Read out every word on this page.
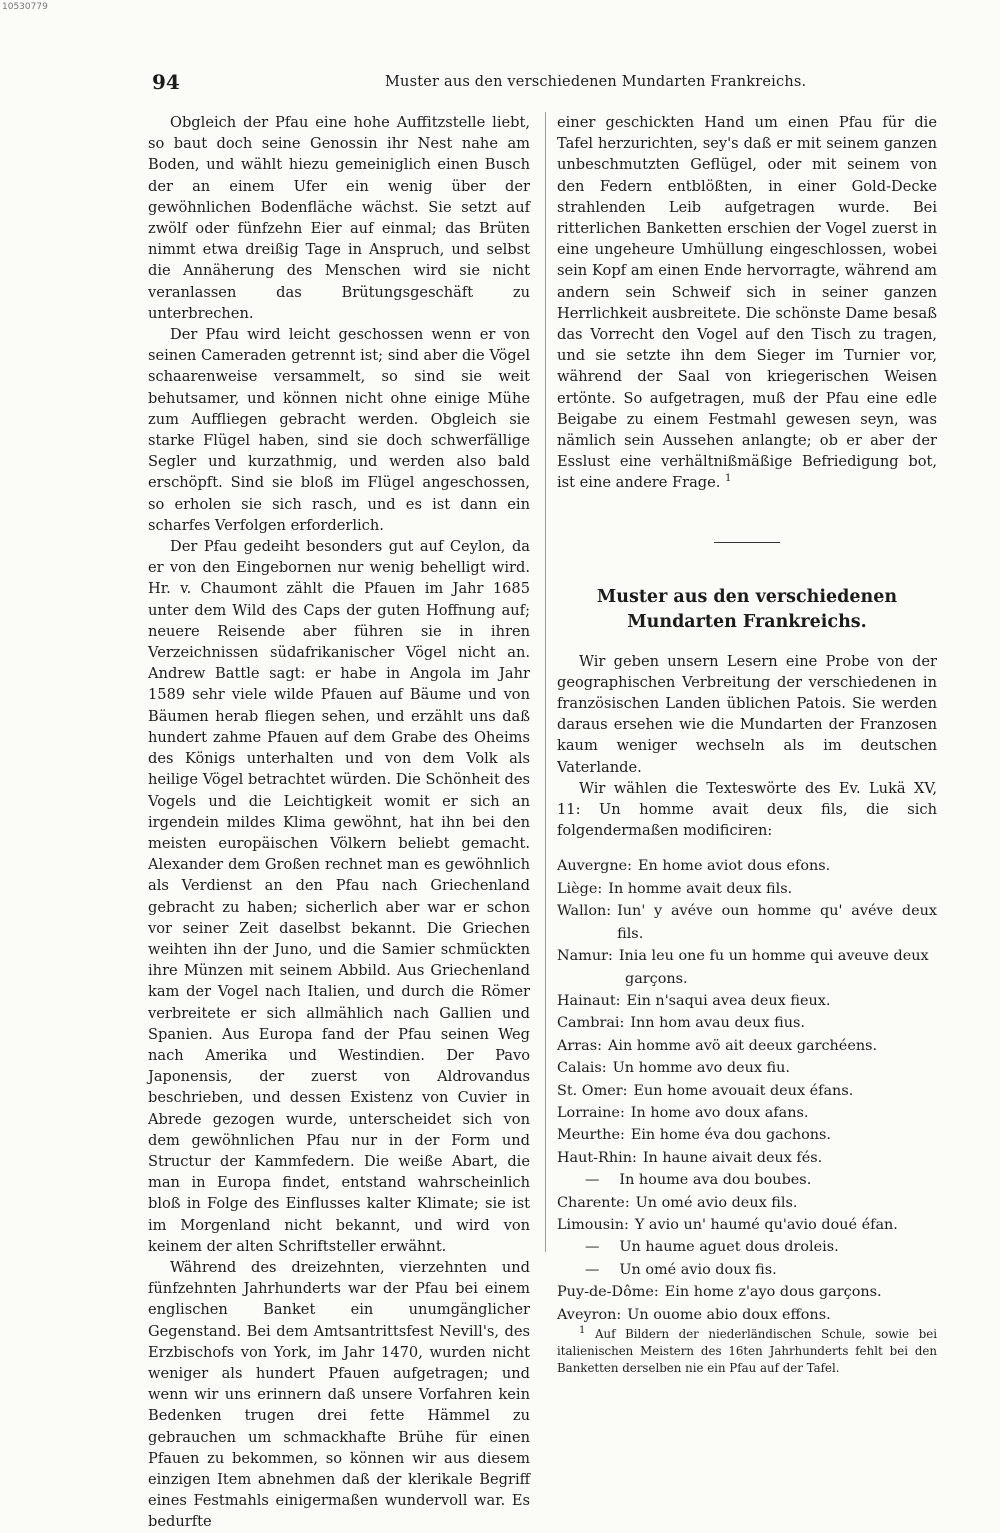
10530779
94	Muster aus den verschiedenen Mundarten Frankreichs.

Obgleich der Pfau eine hohe Auffitzstelle liebt, so baut doch seine Genossin ihr Nest nahe am Boden, und wählt hiezu gemeiniglich einen Busch der an einem Ufer ein wenig über der gewöhnlichen Bodenfläche wächst. Sie setzt auf zwölf oder fünfzehn Eier auf einmal; das Brüten nimmt etwa dreißig Tage in Anspruch, und selbst die Annäherung des Menschen wird sie nicht veranlassen das Brütungsgeschäft zu unterbrechen.

Der Pfau wird leicht geschossen wenn er von seinen Cameraden getrennt ist; sind aber die Vögel schaarenweise versammelt, so sind sie weit behutsamer, und können nicht ohne einige Mühe zum Auffliegen gebracht werden. Obgleich sie starke Flügel haben, sind sie doch schwerfällige Segler und kurzathmig, und werden also bald erschöpft. Sind sie bloß im Flügel angeschossen, so erholen sie sich rasch, und es ist dann ein scharfes Verfolgen erforderlich.

Der Pfau gedeiht besonders gut auf Ceylon, da er von den Eingebornen nur wenig behelligt wird. Hr. v. Chaumont zählt die Pfauen im Jahr 1685 unter dem Wild des Caps der guten Hoffnung auf; neuere Reisende aber führen sie in ihren Verzeichnissen südafrikanischer Vögel nicht an. Andrew Battle sagt: er habe in Angola im Jahr 1589 sehr viele wilde Pfauen auf Bäume und von Bäumen herab fliegen sehen, und erzählt uns daß hundert zahme Pfauen auf dem Grabe des Oheims des Königs unterhalten und von dem Volk als heilige Vögel betrachtet würden. Die Schönheit des Vogels und die Leichtigkeit womit er sich an irgendein mildes Klima gewöhnt, hat ihn bei den meisten europäischen Völkern beliebt gemacht. Alexander dem Großen rechnet man es gewöhnlich als Verdienst an den Pfau nach Griechenland gebracht zu haben; sicherlich aber war er schon vor seiner Zeit daselbst bekannt. Die Griechen weihten ihn der Juno, und die Samier schmückten ihre Münzen mit seinem Abbild. Aus Griechenland kam der Vogel nach Italien, und durch die Römer verbreitete er sich allmählich nach Gallien und Spanien. Aus Europa fand der Pfau seinen Weg nach Amerika und Westindien. Der Pavo Japonensis, der zuerst von Aldrovandus beschrieben, und dessen Existenz von Cuvier in Abrede gezogen wurde, unterscheidet sich von dem gewöhnlichen Pfau nur in der Form und Structur der Kammfedern. Die weiße Abart, die man in Europa findet, entstand wahrscheinlich bloß in Folge des Einflusses kalter Klimate; sie ist im Morgenland nicht bekannt, und wird von keinem der alten Schriftsteller erwähnt.

Während des dreizehnten, vierzehnten und fünfzehnten Jahrhunderts war der Pfau bei einem englischen Banket ein unumgänglicher Gegenstand. Bei dem Amtsantrittsfest Nevill's, des Erzbischofs von York, im Jahr 1470, wurden nicht weniger als hundert Pfauen aufgetragen; und wenn wir uns erinnern daß unsere Vorfahren kein Bedenken trugen drei fette Hämmel zu gebrauchen um schmackhafte Brühe für einen Pfauen zu bekommen, so können wir aus diesem einzigen Item abnehmen daß der klerikale Begriff eines Festmahls einigermaßen wundervoll war. Es bedurfte

einer geschickten Hand um einen Pfau für die Tafel herzurichten, sey's daß er mit seinem ganzen unbeschmutzten Geflügel, oder mit seinem von den Federn entblößten, in einer Gold-Decke strahlenden Leib aufgetragen wurde. Bei ritterlichen Banketten erschien der Vogel zuerst in eine ungeheure Umhüllung eingeschlossen, wobei sein Kopf am einen Ende hervorragte, während am andern sein Schweif sich in seiner ganzen Herrlichkeit ausbreitete. Die schönste Dame besaß das Vorrecht den Vogel auf den Tisch zu tragen, und sie setzte ihn dem Sieger im Turnier vor, während der Saal von kriegerischen Weisen ertönte. So aufgetragen, muß der Pfau eine edle Beigabe zu einem Festmahl gewesen seyn, was nämlich sein Aussehen anlangte; ob er aber der Esslust eine verhältnißmäßige Befriedigung bot, ist eine andere Frage. $^1$

Muster aus den verschiedenen Mundarten Frankreichs.

Wir geben unsern Lesern eine Probe von der geographischen Verbreitung der verschiedenen in französischen Landen üblichen Patois. Sie werden daraus ersehen wie die Mundarten der Franzosen kaum weniger wechseln als im deutschen Vaterlande.

Wir wählen die Texteswörte des Ev. Lukä XV, 11: Un homme avait deux fils, die sich folgendermaßen modificiren:

Auvergne: En home aviot dous efons.
Liège: In homme avait deux fils.
Wallon: Iun' y avéve oun homme qu' avéve deux fils.
Namur: Inia leu one fu un homme qui aveuve deux
garçons.
Hainaut: Ein n'saqui avea deux fieux.
Cambrai: Inn hom avau deux fius.
Arras: Ain homme avö ait deeux garchéens.
Calais: Un homme avo deux fiu.
St. Omer: Eun home avouait deux éfans.
Lorraine: In home avo doux afans.
Meurthe: Ein home éva dou gachons.
Haut-Rhin: In haune aivait deux fés.
—	In houme ava dou boubes.
Charente: Un omé avio deux fils.
Limousin: Y avio un' haumé qu'avio doué éfan.
—	Un haume aguet dous droleis.
—	Un omé avio doux fis.
Puy-de-Dôme: Ein home z'ayo dous garçons.
Aveyron: Un ouome abio doux effons.

$^1$ Auf Bildern der niederländischen Schule, sowie bei italienischen Meistern des 16ten Jahrhunderts fehlt bei den Banketten derselben nie ein Pfau auf der Tafel.
